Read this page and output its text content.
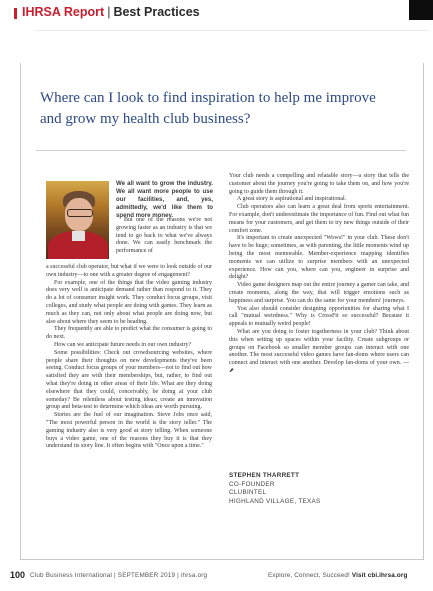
IHRSA Report | Best Practices
Where can I look to find inspiration to help me improve and grow my health club business?
We all want to grow the industry. We all want more people to use our facilities, and, yes, admittedly, we'd like them to spend more money.

But one of the reasons we're not growing faster as an industry is that we tend to go back to what we've always done. We can easily benchmark the performance of

a successful club operator, but what if we were to look outside of our own industry—to one with a greater degree of engagement?

For example, one of the things that the video gaming industry does very well is anticipate demand rather than respond to it. They do a lot of consumer insight work. They conduct focus groups, visit colleges, and study what people are doing with games. They learn as much as they can, not only about what people are doing now, but also about where they seem to be heading.

They frequently are able to predict what the consumer is going to do next.

How can we anticipate future needs in our own industry?

Some possibilities: Check out crowdsourcing websites, where people share their thoughts on new developments they've been seeing. Conduct focus groups of your members—not to find out how satisfied they are with their memberships, but, rather, to find out what they're doing in other areas of their life. What are they doing elsewhere that they could, conceivably, be doing at your club someday? Be relentless about testing ideas; create an innovation group and beta-test to determine which ideas are worth pursuing.

Stories are the fuel of our imagination. Steve Jobs once said, "The most powerful person in the world is the story teller." The gaming industry also is very good at story telling. When someone buys a video game, one of the reasons they buy it is that they understand its story line. It often begins with "Once upon a time."

Your club needs a compelling and relatable story—a story that tells the customer about the journey you're going to take them on, and how you're going to guide them through it.

A great story is aspirational and inspirational.

Club operators also can learn a great deal from sports entertainment. For example, don't underestimate the importance of fun. Find out what fun means for your customers, and get them to try new things outside of their comfort zone.

It's important to create unexpected "Wows!" in your club. These don't have to be huge; sometimes, as with parenting, the little moments wind up being the most memorable. Member-experience mapping identifies moments we can utilize to surprise members with an unexpected experience. How can you, where can you, engineer in surprise and delight?

Video game designers map out the entire journey a gamer can take, and create moments, along the way, that will trigger emotions such as happiness and surprise. You can do the same for your members' journeys.

You also should consider designing opportunities for sharing what I call "mutual weirdness." Why is CrossFit so successful? Because it appeals to mutually weird people!

What are you doing to foster togetherness in your club? Think about this when setting up spaces within your facility. Create subgroups or groups on Facebook so smaller member groups can interact with one another. The most successful video games have fan-doms where users can connect and interact with one another. Develop fan-doms of your own. —⬈

STEPHEN THARRETT
CO-FOUNDER
CLUBINTEL
HIGHLAND VILLAGE, TEXAS
100 Club Business International | SEPTEMBER 2019 | ihrsa.org	Explore, Connect, Succeed! Visit cbi.ihrsa.org
